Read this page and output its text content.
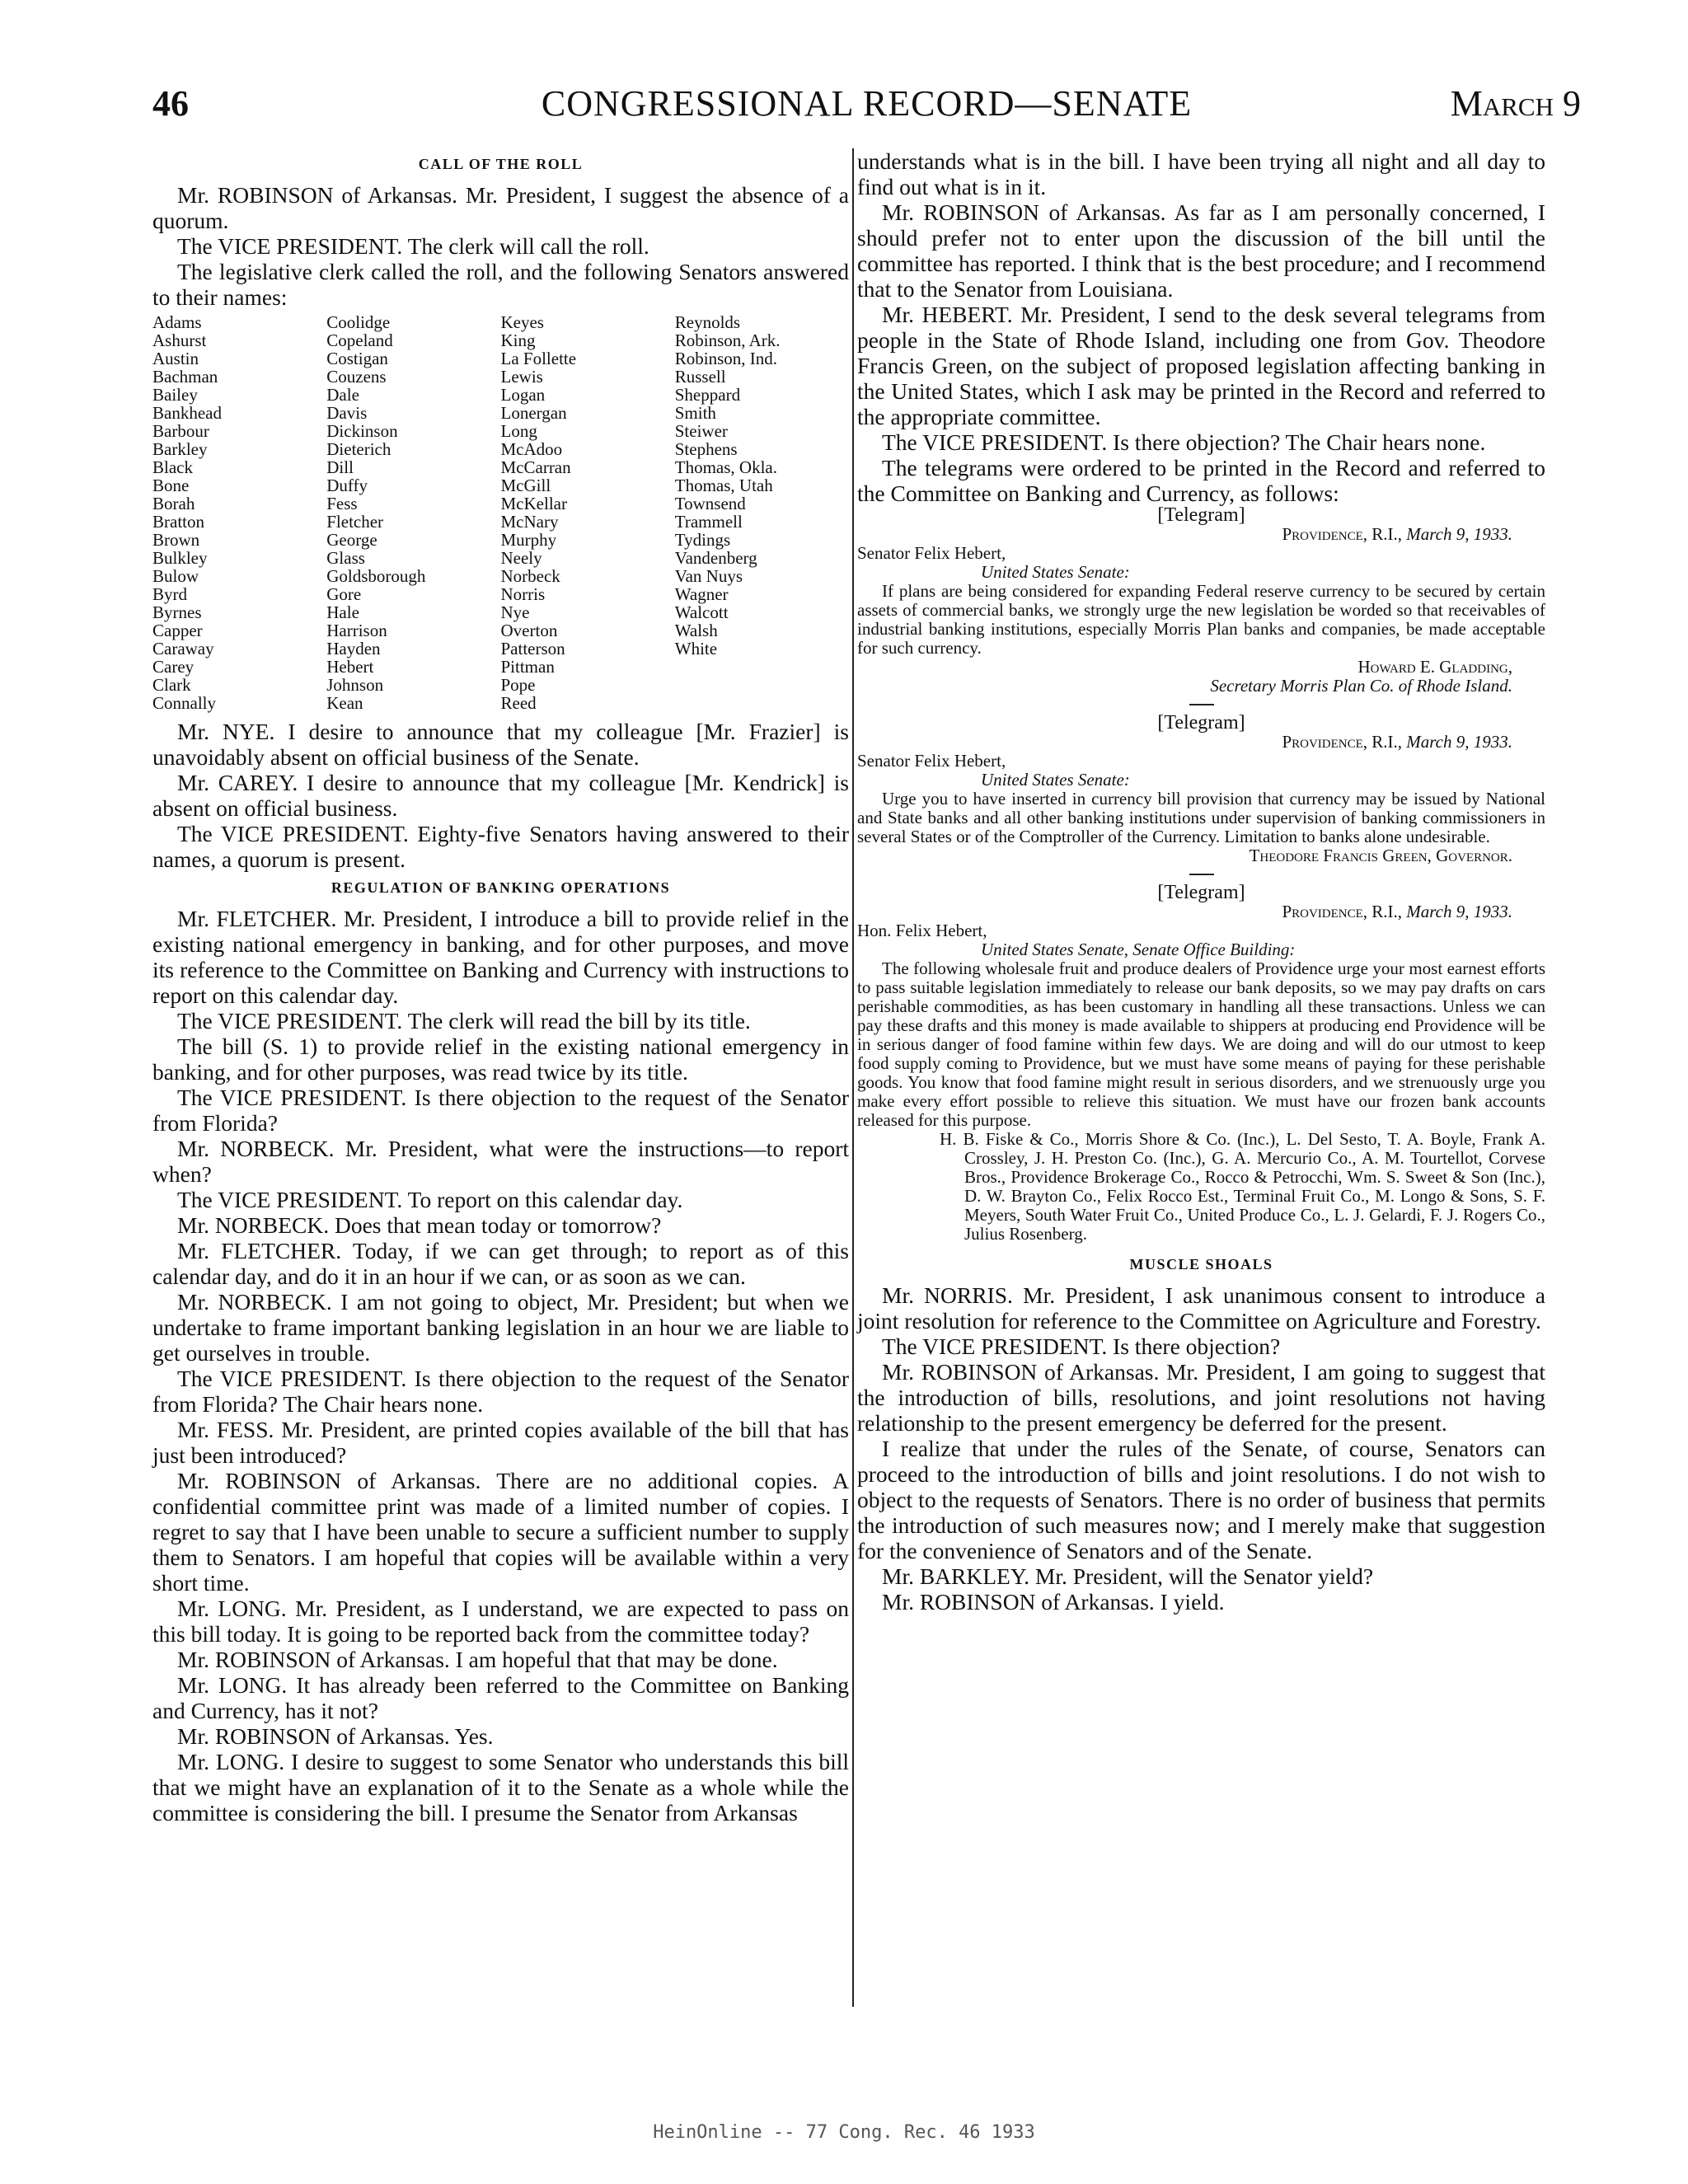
46	CONGRESSIONAL RECORD—SENATE	March 9
CALL OF THE ROLL

Mr. ROBINSON of Arkansas. Mr. President, I suggest the absence of a quorum.

The VICE PRESIDENT. The clerk will call the roll.

The legislative clerk called the roll, and the following Senators answered to their names:

Adams
Ashurst
Austin
Bachman
Bailey
Bankhead
Barbour
Barkley
Black
Bone
Borah
Bratton
Brown
Bulkley
Bulow
Byrd
Byrnes
Capper
Caraway
Carey
Clark
Connally
Coolidge
Copeland
Costigan
Couzens
Dale
Davis
Dickinson
Dieterich
Dill
Duffy
Fess
Fletcher
George
Glass
Goldsborough
Gore
Hale
Harrison
Hayden
Hebert
Johnson
Kean
Keyes
King
La Follette
Lewis
Logan
Lonergan
Long
McAdoo
McCarran
McGill
McKellar
McNary
Murphy
Neely
Norbeck
Norris
Nye
Overton
Patterson
Pittman
Pope
Reed
Reynolds
Robinson, Ark.
Robinson, Ind.
Russell
Sheppard
Smith
Steiwer
Stephens
Thomas, Okla.
Thomas, Utah
Townsend
Trammell
Tydings
Vandenberg
Van Nuys
Wagner
Walcott
Walsh
White

Mr. NYE. I desire to announce that my colleague [Mr. Frazier] is unavoidably absent on official business of the Senate.

Mr. CAREY. I desire to announce that my colleague [Mr. Kendrick] is absent on official business.

The VICE PRESIDENT. Eighty-five Senators having answered to their names, a quorum is present.

REGULATION OF BANKING OPERATIONS

Mr. FLETCHER. Mr. President, I introduce a bill to provide relief in the existing national emergency in banking, and for other purposes, and move its reference to the Committee on Banking and Currency with instructions to report on this calendar day.

The VICE PRESIDENT. The clerk will read the bill by its title.

The bill (S. 1) to provide relief in the existing national emergency in banking, and for other purposes, was read twice by its title.

The VICE PRESIDENT. Is there objection to the request of the Senator from Florida?

Mr. NORBECK. Mr. President, what were the instructions—to report when?

The VICE PRESIDENT. To report on this calendar day.

Mr. NORBECK. Does that mean today or tomorrow?

Mr. FLETCHER. Today, if we can get through; to report as of this calendar day, and do it in an hour if we can, or as soon as we can.

Mr. NORBECK. I am not going to object, Mr. President; but when we undertake to frame important banking legislation in an hour we are liable to get ourselves in trouble.

The VICE PRESIDENT. Is there objection to the request of the Senator from Florida? The Chair hears none.

Mr. FESS. Mr. President, are printed copies available of the bill that has just been introduced?

Mr. ROBINSON of Arkansas. There are no additional copies. A confidential committee print was made of a limited number of copies. I regret to say that I have been unable to secure a sufficient number to supply them to Senators. I am hopeful that copies will be available within a very short time.

Mr. LONG. Mr. President, as I understand, we are expected to pass on this bill today. It is going to be reported back from the committee today?

Mr. ROBINSON of Arkansas. I am hopeful that that may be done.

Mr. LONG. It has already been referred to the Committee on Banking and Currency, has it not?

Mr. ROBINSON of Arkansas. Yes.

Mr. LONG. I desire to suggest to some Senator who understands this bill that we might have an explanation of it to the Senate as a whole while the committee is considering the bill. I presume the Senator from Arkansas

understands what is in the bill. I have been trying all night and all day to find out what is in it.

Mr. ROBINSON of Arkansas. As far as I am personally concerned, I should prefer not to enter upon the discussion of the bill until the committee has reported. I think that is the best procedure; and I recommend that to the Senator from Louisiana.

Mr. HEBERT. Mr. President, I send to the desk several telegrams from people in the State of Rhode Island, including one from Gov. Theodore Francis Green, on the subject of proposed legislation affecting banking in the United States, which I ask may be printed in the Record and referred to the appropriate committee.

The VICE PRESIDENT. Is there objection? The Chair hears none.

The telegrams were ordered to be printed in the Record and referred to the Committee on Banking and Currency, as follows:

[Telegram]
Providence, R.I., March 9, 1933.
Senator Felix Hebert,
United States Senate:
If plans are being considered for expanding Federal reserve currency to be secured by certain assets of commercial banks, we strongly urge the new legislation be worded so that receivables of industrial banking institutions, especially Morris Plan banks and companies, be made acceptable for such currency.
Howard E. Gladding,
Secretary Morris Plan Co. of Rhode Island.
[Telegram]
Providence, R.I., March 9, 1933.
Senator Felix Hebert,
United States Senate:
Urge you to have inserted in currency bill provision that currency may be issued by National and State banks and all other banking institutions under supervision of banking commissioners in several States or of the Comptroller of the Currency. Limitation to banks alone undesirable.
Theodore Francis Green, Governor.
[Telegram]
Providence, R.I., March 9, 1933.
Hon. Felix Hebert,
United States Senate, Senate Office Building:
The following wholesale fruit and produce dealers of Providence urge your most earnest efforts to pass suitable legislation immediately to release our bank deposits, so we may pay drafts on cars perishable commodities, as has been customary in handling all these transactions. Unless we can pay these drafts and this money is made available to shippers at producing end Providence will be in serious danger of food famine within few days. We are doing and will do our utmost to keep food supply coming to Providence, but we must have some means of paying for these perishable goods. You know that food famine might result in serious disorders, and we strenuously urge you make every effort possible to relieve this situation. We must have our frozen bank accounts released for this purpose.
H. B. Fiske & Co., Morris Shore & Co. (Inc.), L. Del Sesto, T. A. Boyle, Frank A. Crossley, J. H. Preston Co. (Inc.), G. A. Mercurio Co., A. M. Tourtellot, Corvese Bros., Providence Brokerage Co., Rocco & Petrocchi, Wm. S. Sweet & Son (Inc.), D. W. Brayton Co., Felix Rocco Est., Terminal Fruit Co., M. Longo & Sons, S. F. Meyers, South Water Fruit Co., United Produce Co., L. J. Gelardi, F. J. Rogers Co., Julius Rosenberg.
MUSCLE SHOALS

Mr. NORRIS. Mr. President, I ask unanimous consent to introduce a joint resolution for reference to the Committee on Agriculture and Forestry.

The VICE PRESIDENT. Is there objection?

Mr. ROBINSON of Arkansas. Mr. President, I am going to suggest that the introduction of bills, resolutions, and joint resolutions not having relationship to the present emergency be deferred for the present.

I realize that under the rules of the Senate, of course, Senators can proceed to the introduction of bills and joint resolutions. I do not wish to object to the requests of Senators. There is no order of business that permits the introduction of such measures now; and I merely make that suggestion for the convenience of Senators and of the Senate.

Mr. BARKLEY. Mr. President, will the Senator yield?

Mr. ROBINSON of Arkansas. I yield.

HeinOnline -- 77 Cong. Rec. 46 1933
